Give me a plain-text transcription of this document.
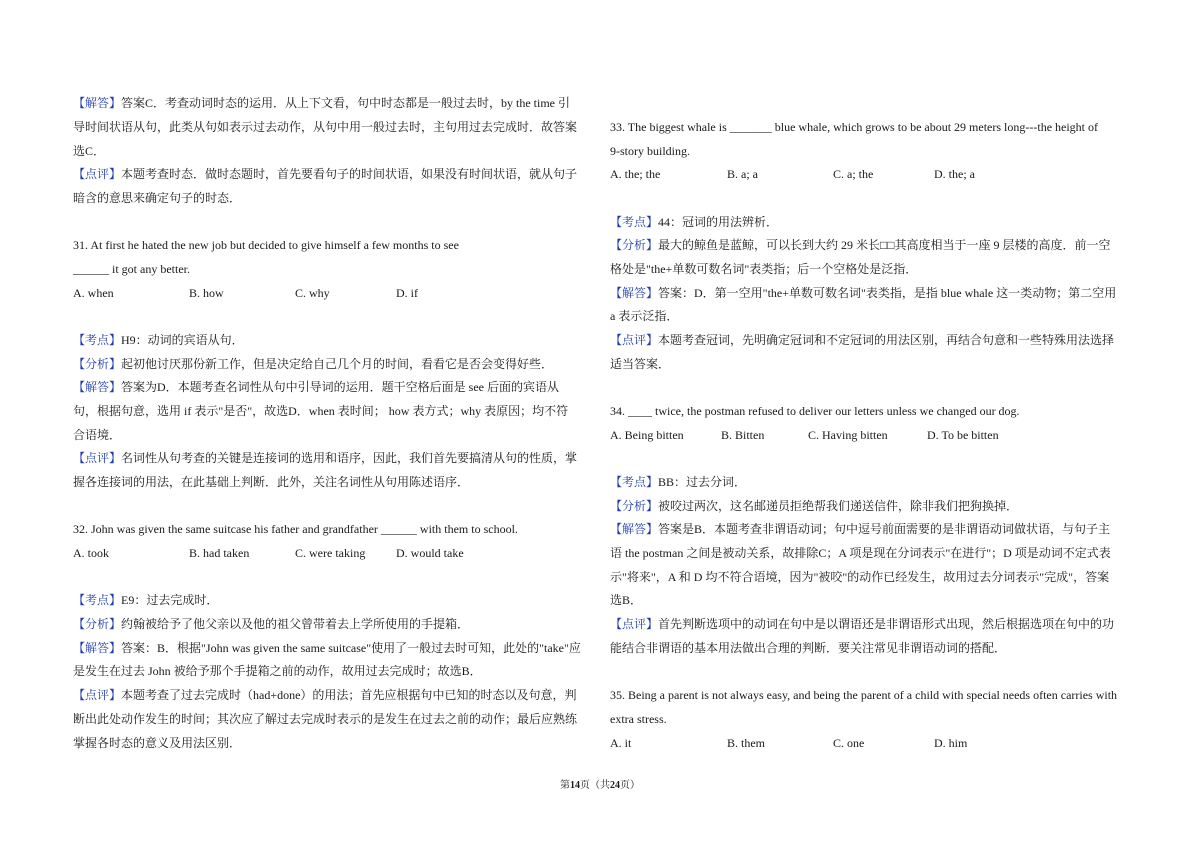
【解答】答案C．考查动词时态的运用．从上下文看，句中时态都是一般过去时，by the time 引
导时间状语从句，此类从句如表示过去动作，从句中用一般过去时，主句用过去完成时．故答案
选C．
【点评】本题考查时态．做时态题时，首先要看句子的时间状语，如果没有时间状语，就从句子
暗含的意思来确定句子的时态．
31. At first he hated the new job but decided to give himself a few months to see
______ it got any better.
A. when	B. how	C. why	D. if
【考点】H9：动词的宾语从句．
【分析】起初他讨厌那份新工作，但是决定给自己几个月的时间，看看它是否会变得好些．
【解答】答案为D．本题考查名词性从句中引导词的运用．题干空格后面是 see 后面的宾语从
句，根据句意，选用 if 表示"是否"，故选D．when 表时间； how 表方式；why 表原因；均不符
合语境．
【点评】名词性从句考查的关键是连接词的选用和语序，因此，我们首先要搞清从句的性质，掌
握各连接词的用法，在此基础上判断．此外，关注名词性从句用陈述语序．
32. John was given the same suitcase his father and grandfather ______ with them to school.
A. took	B. had taken	C. were taking	D. would take
【考点】E9：过去完成时．
【分析】约翰被给予了他父亲以及他的祖父曾带着去上学所使用的手提箱．
【解答】答案：B．根据"John was given the same suitcase"使用了一般过去时可知，此处的"take"应
是发生在过去 John 被给予那个手提箱之前的动作，故用过去完成时；故选B．
【点评】本题考查了过去完成时（had+done）的用法；首先应根据句中已知的时态以及句意，判
断出此处动作发生的时间；其次应了解过去完成时表示的是发生在过去之前的动作；最后应熟练
掌握各时态的意义及用法区别．
33. The biggest whale is _______ blue whale, which grows to be about 29 meters long---the height of
9-story building.
A. the; the	B. a; a	C. a; the	D. the; a
【考点】44：冠词的用法辨析．
【分析】最大的鲸鱼是蓝鲸，可以长到大约 29 米长□□其高度相当于一座 9 层楼的高度．前一空
格处是"the+单数可数名词"表类指；后一个空格处是泛指．
【解答】答案：D．第一空用"the+单数可数名词"表类指，是指 blue whale 这一类动物；第二空用
a 表示泛指．
【点评】本题考查冠词，先明确定冠词和不定冠词的用法区别，再结合句意和一些特殊用法选择
适当答案．
34. ____ twice, the postman refused to deliver our letters unless we changed our dog.
A. Being bitten	B. Bitten	C. Having bitten	D. To be bitten
【考点】BB：过去分词．
【分析】被咬过两次，这名邮递员拒绝帮我们递送信件，除非我们把狗换掉．
【解答】答案是B．本题考查非谓语动词；句中逗号前面需要的是非谓语动词做状语，与句子主
语 the postman 之间是被动关系，故排除C；A 项是现在分词表示"在进行"；D 项是动词不定式表
示"将来"，A 和 D 均不符合语境，因为"被咬"的动作已经发生，故用过去分词表示"完成"，答案
选B．
【点评】首先判断选项中的动词在句中是以谓语还是非谓语形式出现，然后根据选项在句中的功
能结合非谓语的基本用法做出合理的判断．要关注常见非谓语动词的搭配．
35. Being a parent is not always easy, and being the parent of a child with special needs often carries with
extra stress.
A. it	B. them	C. one	D. him
第14页（共24页）
